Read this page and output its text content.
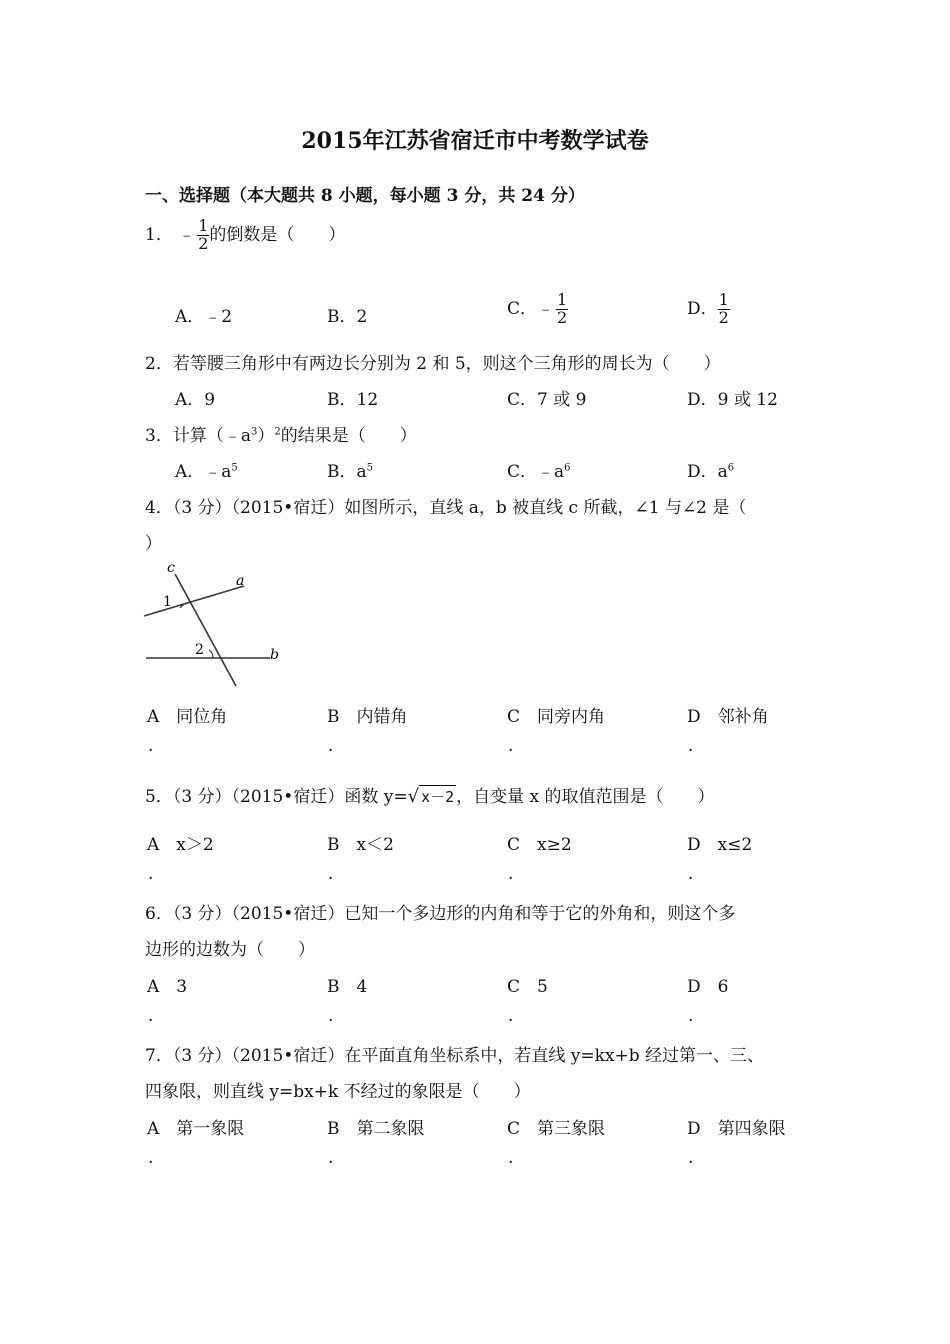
2015年江苏省宿迁市中考数学试卷
一、选择题（本大题共 8 小题，每小题 3 分，共 24 分）
1． ﹣ $\frac{1}{2}$ 的倒数是（　　）
A．﹣2	B．2	C．﹣ $\frac{1}{2}$	D． $\frac{1}{2}$
2．若等腰三角形中有两边长分别为 2 和 5，则这个三角形的周长为（　　）
A．9	B．12	C．7 或 9	D．9 或 12
3．计算$(﹣a^3)^2$的结果是（　　）
A．$﹣a^5$	B．$a^5$	C．$﹣a^6$	D．$a^6$
4．（3 分）（2015•宿迁）如图所示，直线 a，b 被直线 c 所截，∠1 与∠2 是（
）
c
a
b
1
2
A　 同位角	B　 内错角	C　 同旁内角	D　 邻补角
.	.	.	.
5．（3 分）（2015•宿迁）函数 y=√ x－2 ，自变量 x 的取值范围是（　　）
A　 x＞2	B　 x＜2	C　 x≥2	D　 x≤2
.	.	.	.
6．（3 分）（2015•宿迁）已知一个多边形的内角和等于它的外角和，则这个多
边形的边数为（　　）
A　 3	B　 4	C　 5	D　 6
.	.	.	.
7．（3 分）（2015•宿迁）在平面直角坐标系中，若直线 y=kx+b 经过第一、三、
四象限，则直线 y=bx+k 不经过的象限是（　　）
A　 第一象限	B　 第二象限	C　 第三象限	D　 第四象限
.	.	.	.
